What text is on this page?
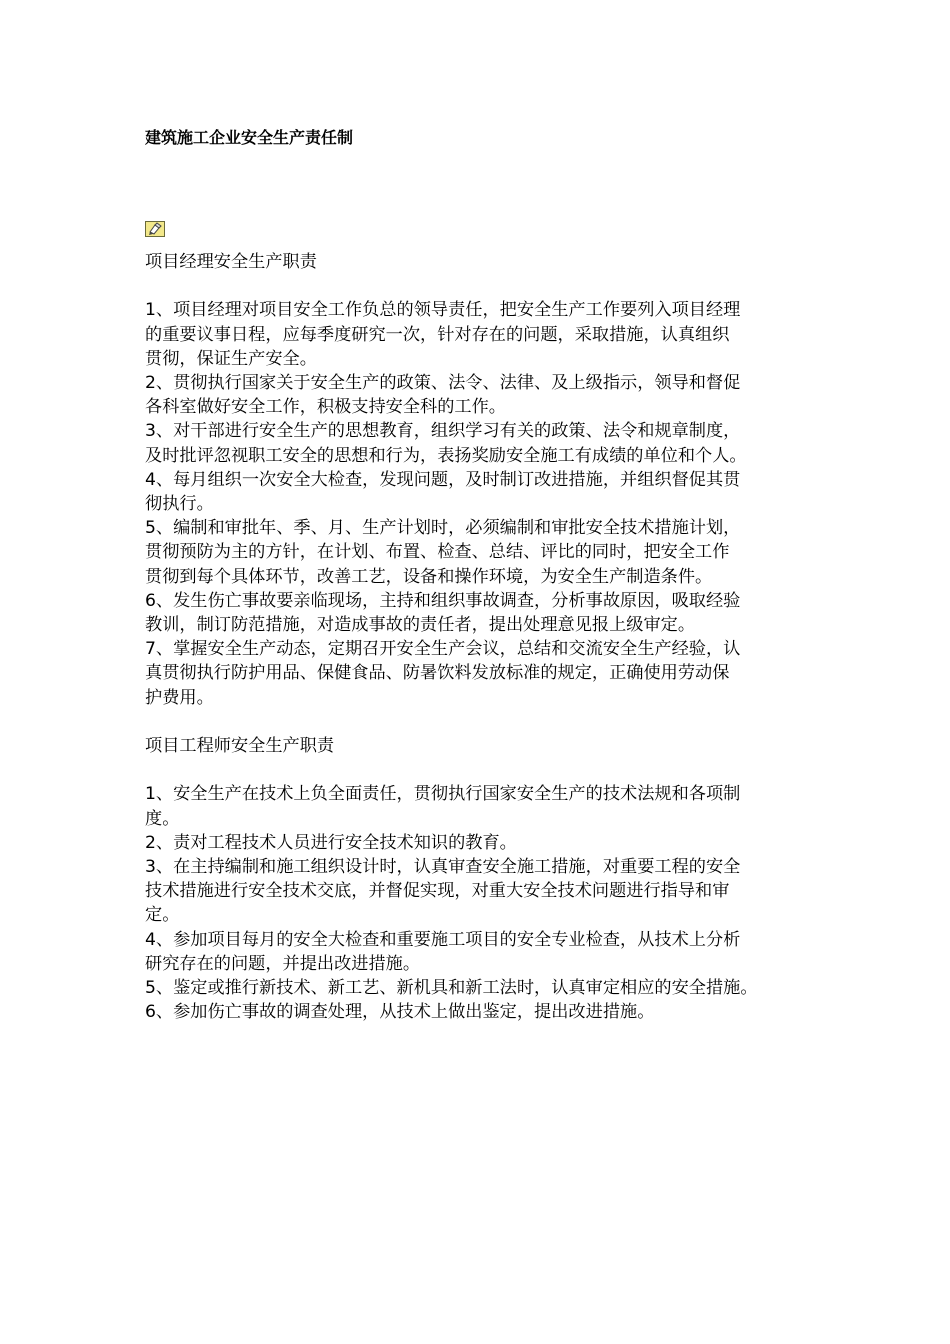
建筑施工企业安全生产责任制

项目经理安全生产职责

1、项目经理对项目安全工作负总的领导责任，把安全生产工作要列入项目经理

的重要议事日程，应每季度研究一次，针对存在的问题，采取措施，认真组织

贯彻，保证生产安全。

2、贯彻执行国家关于安全生产的政策、法令、法律、及上级指示，领导和督促

各科室做好安全工作，积极支持安全科的工作。

3、对干部进行安全生产的思想教育，组织学习有关的政策、法令和规章制度，

及时批评忽视职工安全的思想和行为，表扬奖励安全施工有成绩的单位和个人。

4、每月组织一次安全大检查，发现问题，及时制订改进措施，并组织督促其贯

彻执行。

5、编制和审批年、季、月、生产计划时，必须编制和审批安全技术措施计划，

贯彻预防为主的方针，在计划、布置、检查、总结、评比的同时，把安全工作

贯彻到每个具体环节，改善工艺，设备和操作环境，为安全生产制造条件。

6、发生伤亡事故要亲临现场，主持和组织事故调查，分析事故原因，吸取经验

教训，制订防范措施，对造成事故的责任者，提出处理意见报上级审定。

7、掌握安全生产动态，定期召开安全生产会议，总结和交流安全生产经验，认

真贯彻执行防护用品、保健食品、防暑饮料发放标准的规定，正确使用劳动保

护费用。

项目工程师安全生产职责

1、安全生产在技术上负全面责任，贯彻执行国家安全生产的技术法规和各项制

度。

2、责对工程技术人员进行安全技术知识的教育。

3、在主持编制和施工组织设计时，认真审查安全施工措施，对重要工程的安全

技术措施进行安全技术交底，并督促实现，对重大安全技术问题进行指导和审

定。

4、参加项目每月的安全大检查和重要施工项目的安全专业检查，从技术上分析

研究存在的问题，并提出改进措施。

5、鉴定或推行新技术、新工艺、新机具和新工法时，认真审定相应的安全措施。

6、参加伤亡事故的调查处理，从技术上做出鉴定，提出改进措施。
